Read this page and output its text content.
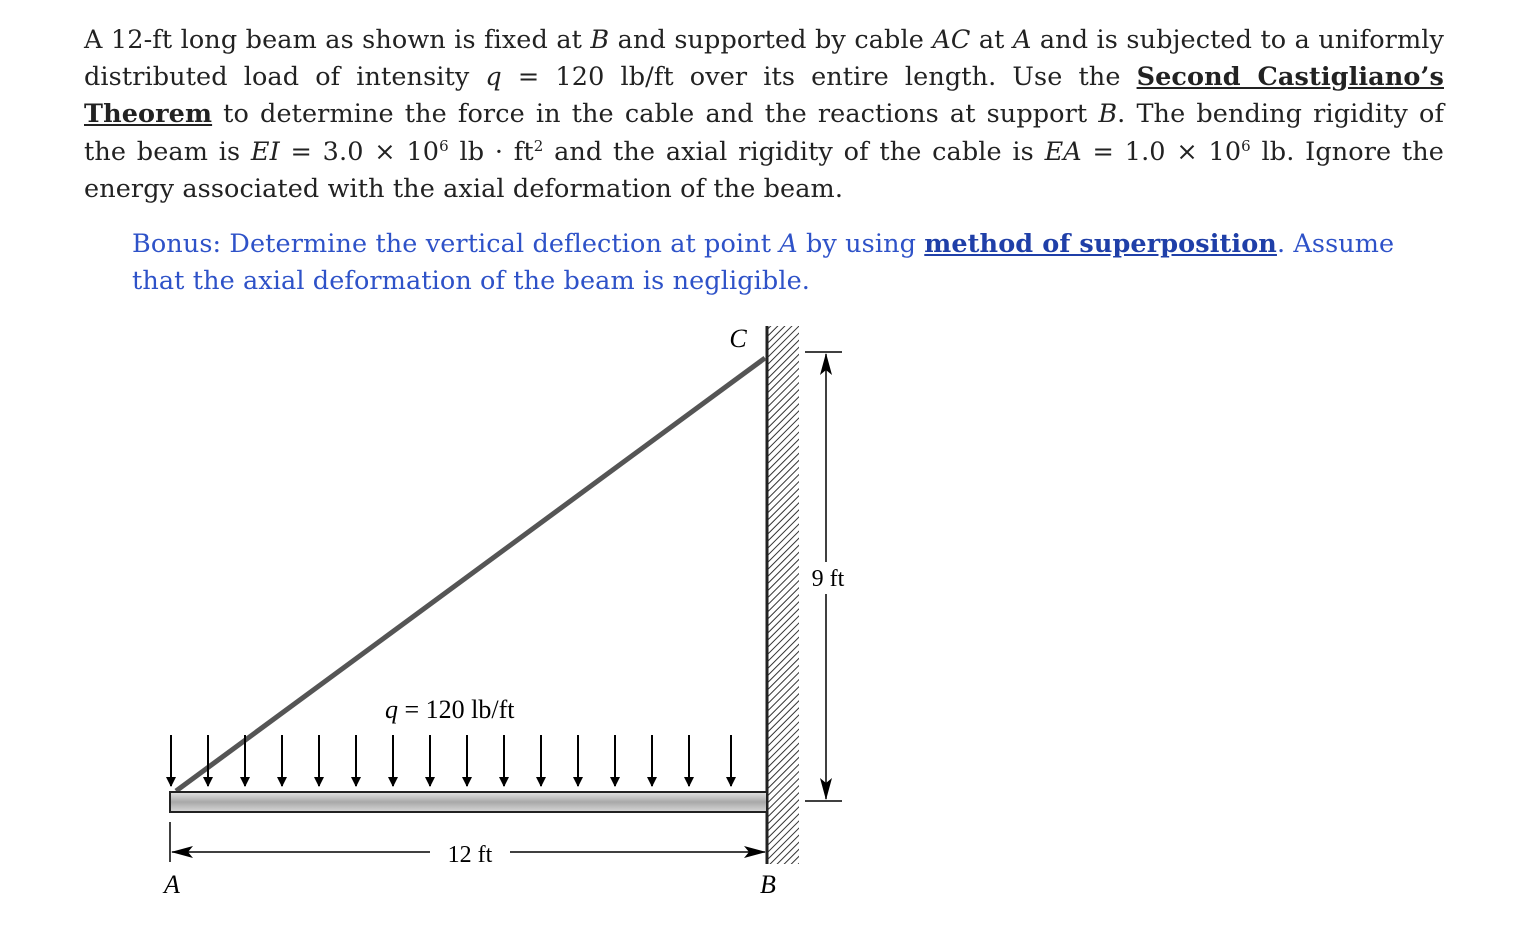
A 12-ft long beam as shown is fixed at B and supported by cable AC at A and is subjected to a uniformly distributed load of intensity q = 120 lb/ft over its entire length. Use the Second Castigliano’s Theorem to determine the force in the cable and the reactions at support B. The bending rigidity of the beam is EI = $3.0 \times 10^6$ lb · $ft^2$ and the axial rigidity of the cable is EA = $1.0 \times 10^6$ lb. Ignore the energy associated with the axial deformation of the beam.
Bonus: Determine the vertical deflection at point A by using method of superposition. Assume that the axial deformation of the beam is negligible.
q = 120 lb/ft
12 ft
9 ft
C
A	B
